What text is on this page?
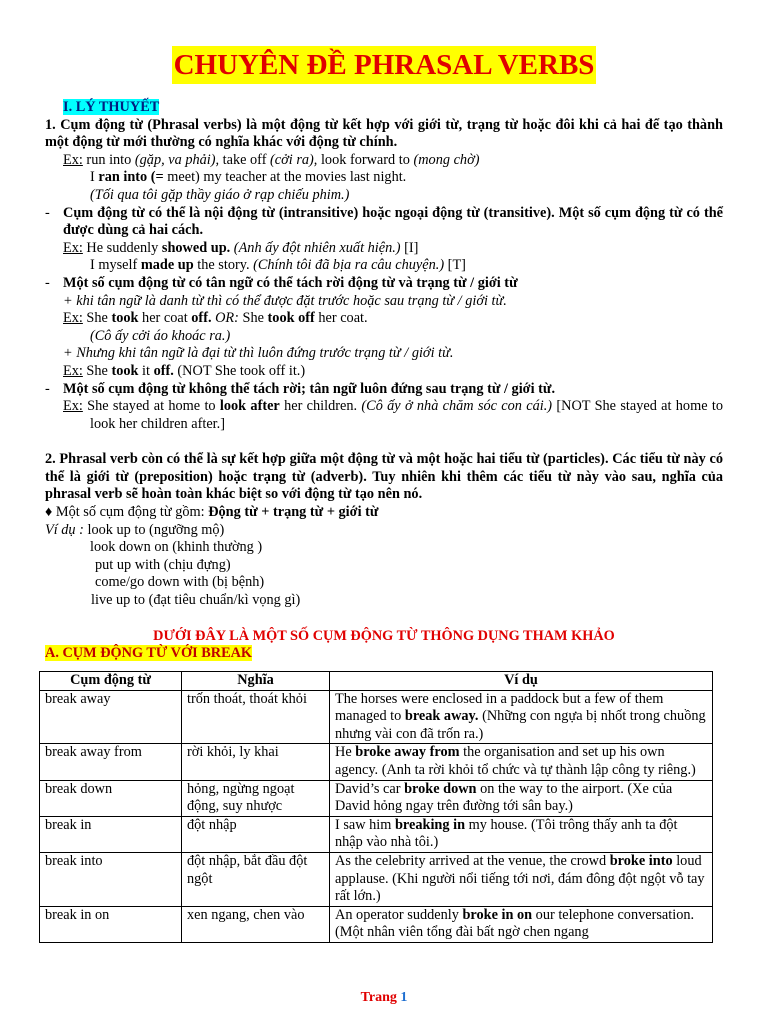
CHUYÊN ĐỀ PHRASAL VERBS
I. LÝ THUYẾT
1. Cụm động từ (Phrasal verbs) là một động từ kết hợp với giới từ, trạng từ hoặc đôi khi cả hai để tạo thành một động từ mới thường có nghĩa khác với động từ chính.
Ex: run into (gặp, va phải), take off (cởi ra), look forward to (mong chờ)
I ran into (= meet) my teacher at the movies last night.
(Tối qua tôi gặp thầy giáo ở rạp chiếu phim.)
- Cụm động từ có thể là nội động từ (intransitive) hoặc ngoại động từ (transitive). Một số cụm động từ có thể được dùng cả hai cách.
Ex: He suddenly showed up. (Anh ấy đột nhiên xuất hiện.) [I]
I myself made up the story. (Chính tôi đã bịa ra câu chuyện.) [T]
- Một số cụm động từ có tân ngữ có thể tách rời động từ và trạng từ / giới từ
+ khi tân ngữ là danh từ thì có thể được đặt trước hoặc sau trạng từ / giới từ.
Ex: She took her coat off. OR: She took off her coat.
(Cô ấy cởi áo khoác ra.)
+ Nhưng khi tân ngữ là đại từ thì luôn đứng trước trạng từ / giới từ.
Ex: She took it off. (NOT She took off it.)
- Một số cụm động từ không thể tách rời; tân ngữ luôn đứng sau trạng từ / giới từ.
Ex: She stayed at home to look after her children. (Cô ấy ở nhà chăm sóc con cái.) [NOT She stayed at home to look her children after.]
2. Phrasal verb còn có thể là sự kết hợp giữa một động từ và một hoặc hai tiểu từ (particles). Các tiểu từ này có thể là giới từ (preposition) hoặc trạng từ (adverb). Tuy nhiên khi thêm các tiểu từ này vào sau, nghĩa của phrasal verb sẽ hoàn toàn khác biệt so với động từ tạo nên nó.
♦ Một số cụm động từ gồm: Động từ + trạng từ + giới từ
Ví dụ : look up to (ngưỡng mộ)
look down on (khinh thường )
put up with (chịu đựng)
come/go down with (bị bệnh)
live up to (đạt tiêu chuẩn/kì vọng gì)
DƯỚI ĐÂY LÀ MỘT SỐ CỤM ĐỘNG TỪ THÔNG DỤNG THAM KHẢO
A. CỤM ĐỘNG TỪ VỚI BREAK
Cụm động từ	Nghĩa	Ví dụ
break away	trốn thoát, thoát khỏi	The horses were enclosed in a paddock but a few of them managed to break away. (Những con ngựa bị nhốt trong chuồng nhưng vài con đã trốn ra.)
break away from	rời khỏi, ly khai	He broke away from the organisation and set up his own agency. (Anh ta rời khỏi tổ chức và tự thành lập công ty riêng.)
break down	hỏng, ngừng ngoạt động, suy nhược	David’s car broke down on the way to the airport. (Xe của David hỏng ngay trên đường tới sân bay.)
break in	đột nhập	I saw him breaking in my house. (Tôi trông thấy anh ta đột nhập vào nhà tôi.)
break into	đột nhập, bắt đầu đột ngột	As the celebrity arrived at the venue, the crowd broke into loud applause. (Khi người nổi tiếng tới nơi, đám đông đột ngột vỗ tay rất lớn.)
break in on	xen ngang, chen vào	An operator suddenly broke in on our telephone conversation. (Một nhân viên tổng đài bất ngờ chen ngang
Trang 1
